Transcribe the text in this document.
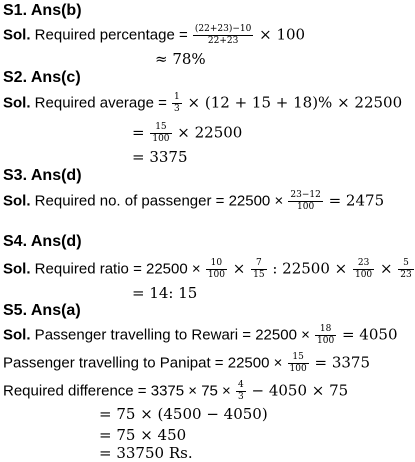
S1. Ans(b)
Sol. Required percentage = $\frac{(22+23)-10}{22+23} \times 100$
≈ 78%
S2. Ans(c)
Sol. Required average = $\frac{1}{3} \times (12 + 15 + 18)\% \times 22500$
= $\frac{15}{100} \times 22500$
= 3375
S3. Ans(d)
Sol. Required no. of passenger = $22500 \times \frac{23-12}{100} = 2475$
S4. Ans(d)
Sol. Required ratio = $22500 \times \frac{10}{100} \times \frac{7}{15}$ : $22500 \times \frac{23}{100} \times \frac{5}{23}$
= 14: 15
S5. Ans(a)
Sol. Passenger travelling to Rewari = $22500 \times \frac{18}{100} = 4050$
Passenger travelling to Panipat = $22500 \times \frac{15}{100} = 3375$
Required difference = $3375 \times 75 \times \frac{4}{3} - 4050 \times 75$
= 75 × (4500 − 4050)
= 75 × 450
= 33750 Rs.
